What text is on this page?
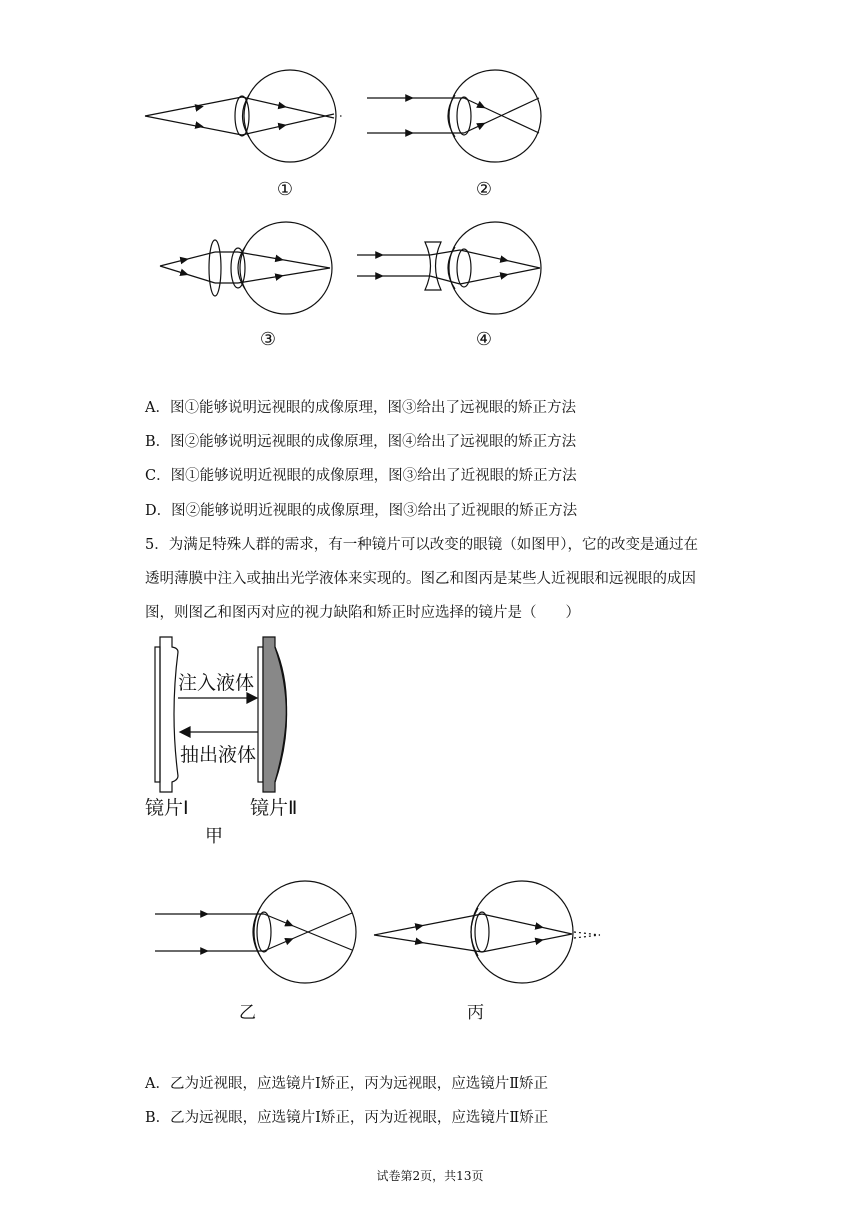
①	②
③	④
A．图①能够说明远视眼的成像原理，图③给出了远视眼的矫正方法
B．图②能够说明远视眼的成像原理，图④给出了远视眼的矫正方法
C．图①能够说明近视眼的成像原理，图③给出了近视眼的矫正方法
D．图②能够说明近视眼的成像原理，图③给出了近视眼的矫正方法
5．为满足特殊人群的需求，有一种镜片可以改变的眼镜（如图甲），它的改变是通过在
透明薄膜中注入或抽出光学液体来实现的。图乙和图丙是某些人近视眼和远视眼的成因
图，则图乙和图丙对应的视力缺陷和矫正时应选择的镜片是（　　）
注入液体
抽出液体
镜片Ⅰ	镜片Ⅱ
甲
乙	丙
A．乙为近视眼，应选镜片Ⅰ矫正，丙为远视眼，应选镜片Ⅱ矫正
B．乙为远视眼，应选镜片Ⅰ矫正，丙为近视眼，应选镜片Ⅱ矫正
试卷第2页，共13页
